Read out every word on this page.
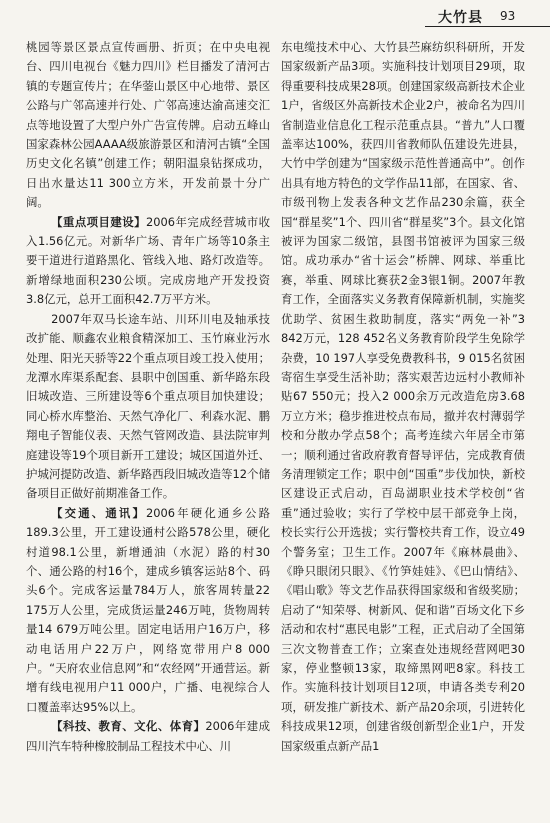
大竹县 93

桃园等景区景点宣传画册、折页；在中央电视台、四川电视台《魅力四川》栏目播发了清河古镇的专题宣传片；在华蓥山景区中心地带、景区公路与广邻高速并行处、广邻高速达渝高速交汇点等地设置了大型户外广告宣传牌。启动五峰山国家森林公园AAAA级旅游景区和清河古镇“全国历史文化名镇”创建工作；朝阳温泉钻探成功，日出水量达11 300立方米，开发前景十分广阔。

【重点项目建设】2006年完成经营城市收入1.56亿元。对新华广场、青年广场等10条主要干道进行道路黑化、管线入地、路灯改造等。新增绿地面积230公顷。完成房地产开发投资3.8亿元，总开工面积42.7万平方米。

2007年双马长途车站、川环川电及轴承技改扩能、顺鑫农业粮食精深加工、玉竹麻业污水处理、阳光天骄等22个重点项目竣工投入使用；龙潭水库渠系配套、县职中创国重、新华路东段旧城改造、三所建设等6个重点项目加快建设；同心桥水库整治、天然气净化厂、利森水泥、鹏翔电子智能仪表、天然气管网改造、县法院审判庭建设等19个项目新开工建设；城区国道外迁、护城河提防改造、新华路西段旧城改造等12个储备项目正做好前期准备工作。

【交通、通讯】2006年硬化通乡公路189.3公里，开工建设通村公路578公里，硬化村道98.1公里，新增通油（水泥）路的村30个、通公路的村16个，建成乡镇客运站8个、码头6个。完成客运量784万人，旅客周转量22 175万人公里，完成货运量246万吨，货物周转量14 679万吨公里。固定电话用户16万户，移动电话用户22万户，网络宽带用户8 000户。“天府农业信息网”和“农经网”开通营运。新增有线电视用户11 000户，广播、电视综合人口覆盖率达95%以上。

【科技、教育、文化、体育】2006年建成四川汽车特种橡胶制品工程技术中心、川

东电缆技术中心、大竹县苎麻纺织科研所，开发国家级新产品3项。实施科技计划项目29项，取得重要科技成果28项。创建国家级高新技术企业1户，省级区外高新技术企业2户，被命名为四川省制造业信息化工程示范重点县。“普九”人口覆盖率达100%，获四川省教师队伍建设先进县，大竹中学创建为“国家级示范性普通高中”。创作出具有地方特色的文学作品11部，在国家、省、市级刊物上发表各种文艺作品230余篇，获全国“群星奖”1个、四川省“群星奖”3个。县文化馆被评为国家二级馆，县图书馆被评为国家三级馆。成功承办“省十运会”桥牌、网球、举重比赛，举重、网球比赛获2金3银1铜。2007年教育工作，全面落实义务教育保障新机制，实施奖优助学、贫困生救助制度，落实“两免一补”3 842万元，128 452名义务教育阶段学生免除学杂费，10 197人享受免费教科书，9 015名贫困寄宿生享受生活补助；落实艰苦边远村小教师补贴67 550元；投入2 000余万元改造危房3.68万立方米；稳步推进校点布局，撤并农村薄弱学校和分散办学点58个；高考连续六年居全市第一；顺利通过省政府教育督导评估，完成教育债务清理锁定工作；职中创“国重”步伐加快，新校区建设正式启动，百岛湖职业技术学校创“省重”通过验收；实行了学校中层干部竞争上岗，校长实行公开选拔；实行警校共育工作，设立49个警务室；卫生工作。2007年《麻林晨曲》、《睁只眼闭只眼》、《竹笋娃娃》、《巴山情结》、《唱山歌》等文艺作品获得国家级和省级奖励；启动了“知荣辱、树新风、促和谐”百场文化下乡活动和农村“惠民电影”工程，正式启动了全国第三次文物普查工作；立案查处违规经营网吧30家，停业整顿13家，取缔黑网吧8家。科技工作。实施科技计划项目12项，申请各类专利20项，研发推广新技术、新产品20余项，引进转化科技成果12项，创建省级创新型企业1户，开发国家级重点新产品1
